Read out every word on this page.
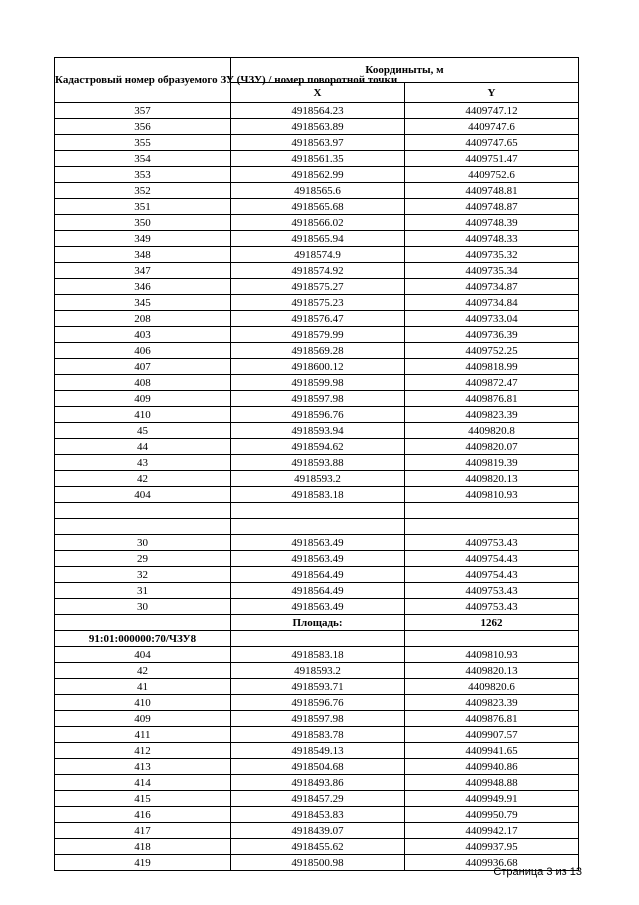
Кадастровый номер образуемого ЗУ (ЧЗУ) / номер поворотной точки	Координыты, м	
	X	Y
357	4918564.23	4409747.12
356	4918563.89	4409747.6
355	4918563.97	4409747.65
354	4918561.35	4409751.47
353	4918562.99	4409752.6
352	4918565.6	4409748.81
351	4918565.68	4409748.87
350	4918566.02	4409748.39
349	4918565.94	4409748.33
348	4918574.9	4409735.32
347	4918574.92	4409735.34
346	4918575.27	4409734.87
345	4918575.23	4409734.84
208	4918576.47	4409733.04
403	4918579.99	4409736.39
406	4918569.28	4409752.25
407	4918600.12	4409818.99
408	4918599.98	4409872.47
409	4918597.98	4409876.81
410	4918596.76	4409823.39
45	4918593.94	4409820.8
44	4918594.62	4409820.07
43	4918593.88	4409819.39
42	4918593.2	4409820.13
404	4918583.18	4409810.93

30	4918563.49	4409753.43
29	4918563.49	4409754.43
32	4918564.49	4409754.43
31	4918564.49	4409753.43
30	4918563.49	4409753.43
	Площадь:	1262
91:01:000000:70/ЧЗУ8		
404	4918583.18	4409810.93
42	4918593.2	4409820.13
41	4918593.71	4409820.6
410	4918596.76	4409823.39
409	4918597.98	4409876.81
411	4918583.78	4409907.57
412	4918549.13	4409941.65
413	4918504.68	4409940.86
414	4918493.86	4409948.88
415	4918457.29	4409949.91
416	4918453.83	4409950.79
417	4918439.07	4409942.17
418	4918455.62	4409937.95
419	4918500.98	4409936.68
Страница 3 из 13
